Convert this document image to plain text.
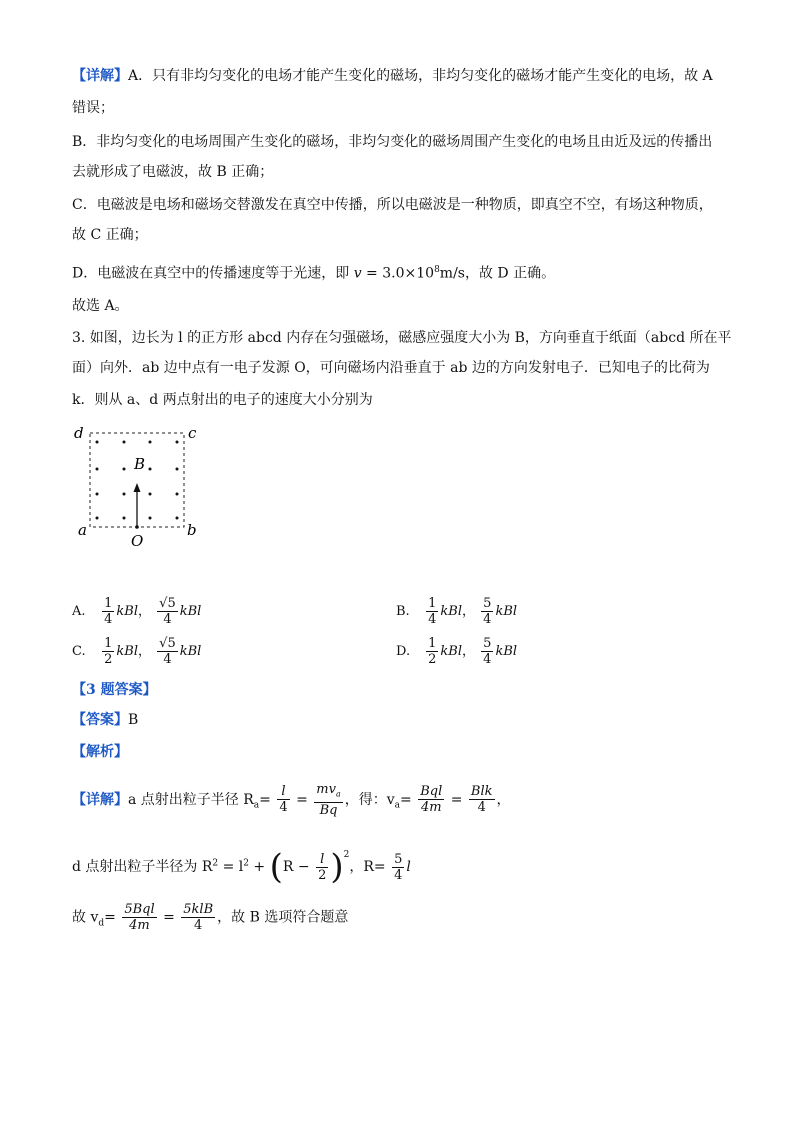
【详解】A．只有非均匀变化的电场才能产生变化的磁场，非均匀变化的磁场才能产生变化的电场，故 A
错误；
B．非均匀变化的电场周围产生变化的磁场，非均匀变化的磁场周围产生变化的电场且由近及远的传播出
去就形成了电磁波，故 B 正确；
C．电磁波是电场和磁场交替激发在真空中传播，所以电磁波是一种物质，即真空不空，有场这种物质，
故 C 正确；
D．电磁波在真空中的传播速度等于光速，即 $v = 3.0\times 10^8m/s$，故 D 正确。
故选 A。
3. 如图，边长为 l 的正方形 abcd 内存在匀强磁场，磁感应强度大小为 B，方向垂直于纸面（abcd 所在平
面）向外．ab 边中点有一电子发源 O，可向磁场内沿垂直于 ab 边的方向发射电子．已知电子的比荷为
k．则从 a、d 两点射出的电子的速度大小分别为
d	c
B
a	b
O
A. $\frac{1}{4}$ kBl， $\frac{√5}{4}$ kBl	B. $\frac{1}{4}$ kBl， $\frac{5}{4}$ kBl
C. $\frac{1}{2}$ kBl， $\frac{√5}{4}$ kBl	D. $\frac{1}{2}$ kBl， $\frac{5}{4}$ kBl
【3 题答案】
【答案】B
【解析】
【详解】a 点射出粒子半径 $R_a= \frac{l}{4} = \frac{mv_a}{Bq}$ ，得：$v_a= \frac{\text{Bql}}{4m} = \frac{\text{Blk}}{4}$ ，
d 点射出粒子半径为 $R^2 = l^2 + (R - \frac{l}{2} )^2$，$R= \frac{5}{4}$ l
故 $v_d= \frac{\text{5Bql}}{4m} = \frac{\text{5klB}}{4}$ ，故 B 选项符合题意
